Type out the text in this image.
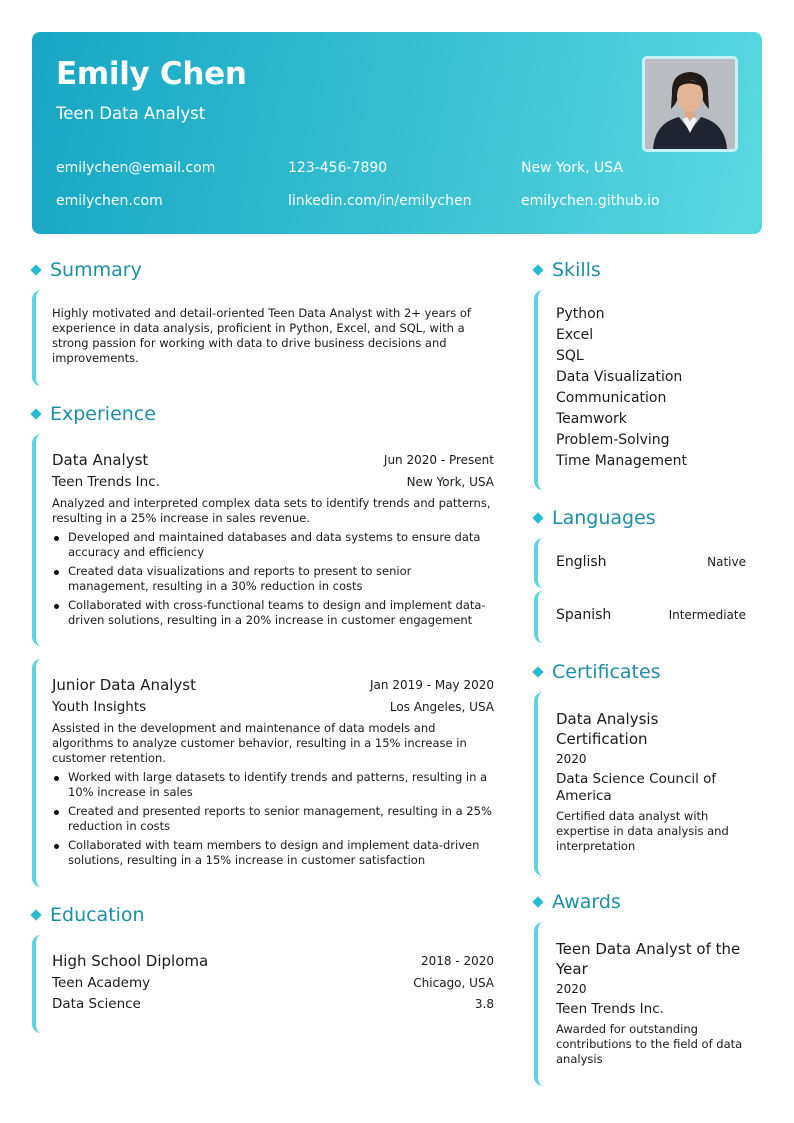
Emily Chen
Teen Data Analyst
emilychen@email.com	123-456-7890	New York, USA
emilychen.com	linkedin.com/in/emilychen	emilychen.github.io
Summary
Highly motivated and detail-oriented Teen Data Analyst with 2+ years of experience in data analysis, proficient in Python, Excel, and SQL, with a strong passion for working with data to drive business decisions and improvements.
Experience
Data Analyst	Jun 2020 - Present
Teen Trends Inc.	New York, USA
Analyzed and interpreted complex data sets to identify trends and patterns, resulting in a 25% increase in sales revenue.
Developed and maintained databases and data systems to ensure data accuracy and efficiency
Created data visualizations and reports to present to senior management, resulting in a 30% reduction in costs
Collaborated with cross-functional teams to design and implement data-driven solutions, resulting in a 20% increase in customer engagement
Junior Data Analyst	Jan 2019 - May 2020
Youth Insights	Los Angeles, USA
Assisted in the development and maintenance of data models and algorithms to analyze customer behavior, resulting in a 15% increase in customer retention.
Worked with large datasets to identify trends and patterns, resulting in a 10% increase in sales
Created and presented reports to senior management, resulting in a 25% reduction in costs
Collaborated with team members to design and implement data-driven solutions, resulting in a 15% increase in customer satisfaction
Education
High School Diploma	2018 - 2020
Teen Academy	Chicago, USA
Data Science	3.8
Skills
Python
Excel
SQL
Data Visualization
Communication
Teamwork
Problem-Solving
Time Management
Languages
English	Native
Spanish	Intermediate
Certificates
Data Analysis
Certification
2020
Data Science Council of
America
Certified data analyst with expertise in data analysis and interpretation
Awards
Teen Data Analyst of the
Year
2020
Teen Trends Inc.
Awarded for outstanding contributions to the field of data analysis
